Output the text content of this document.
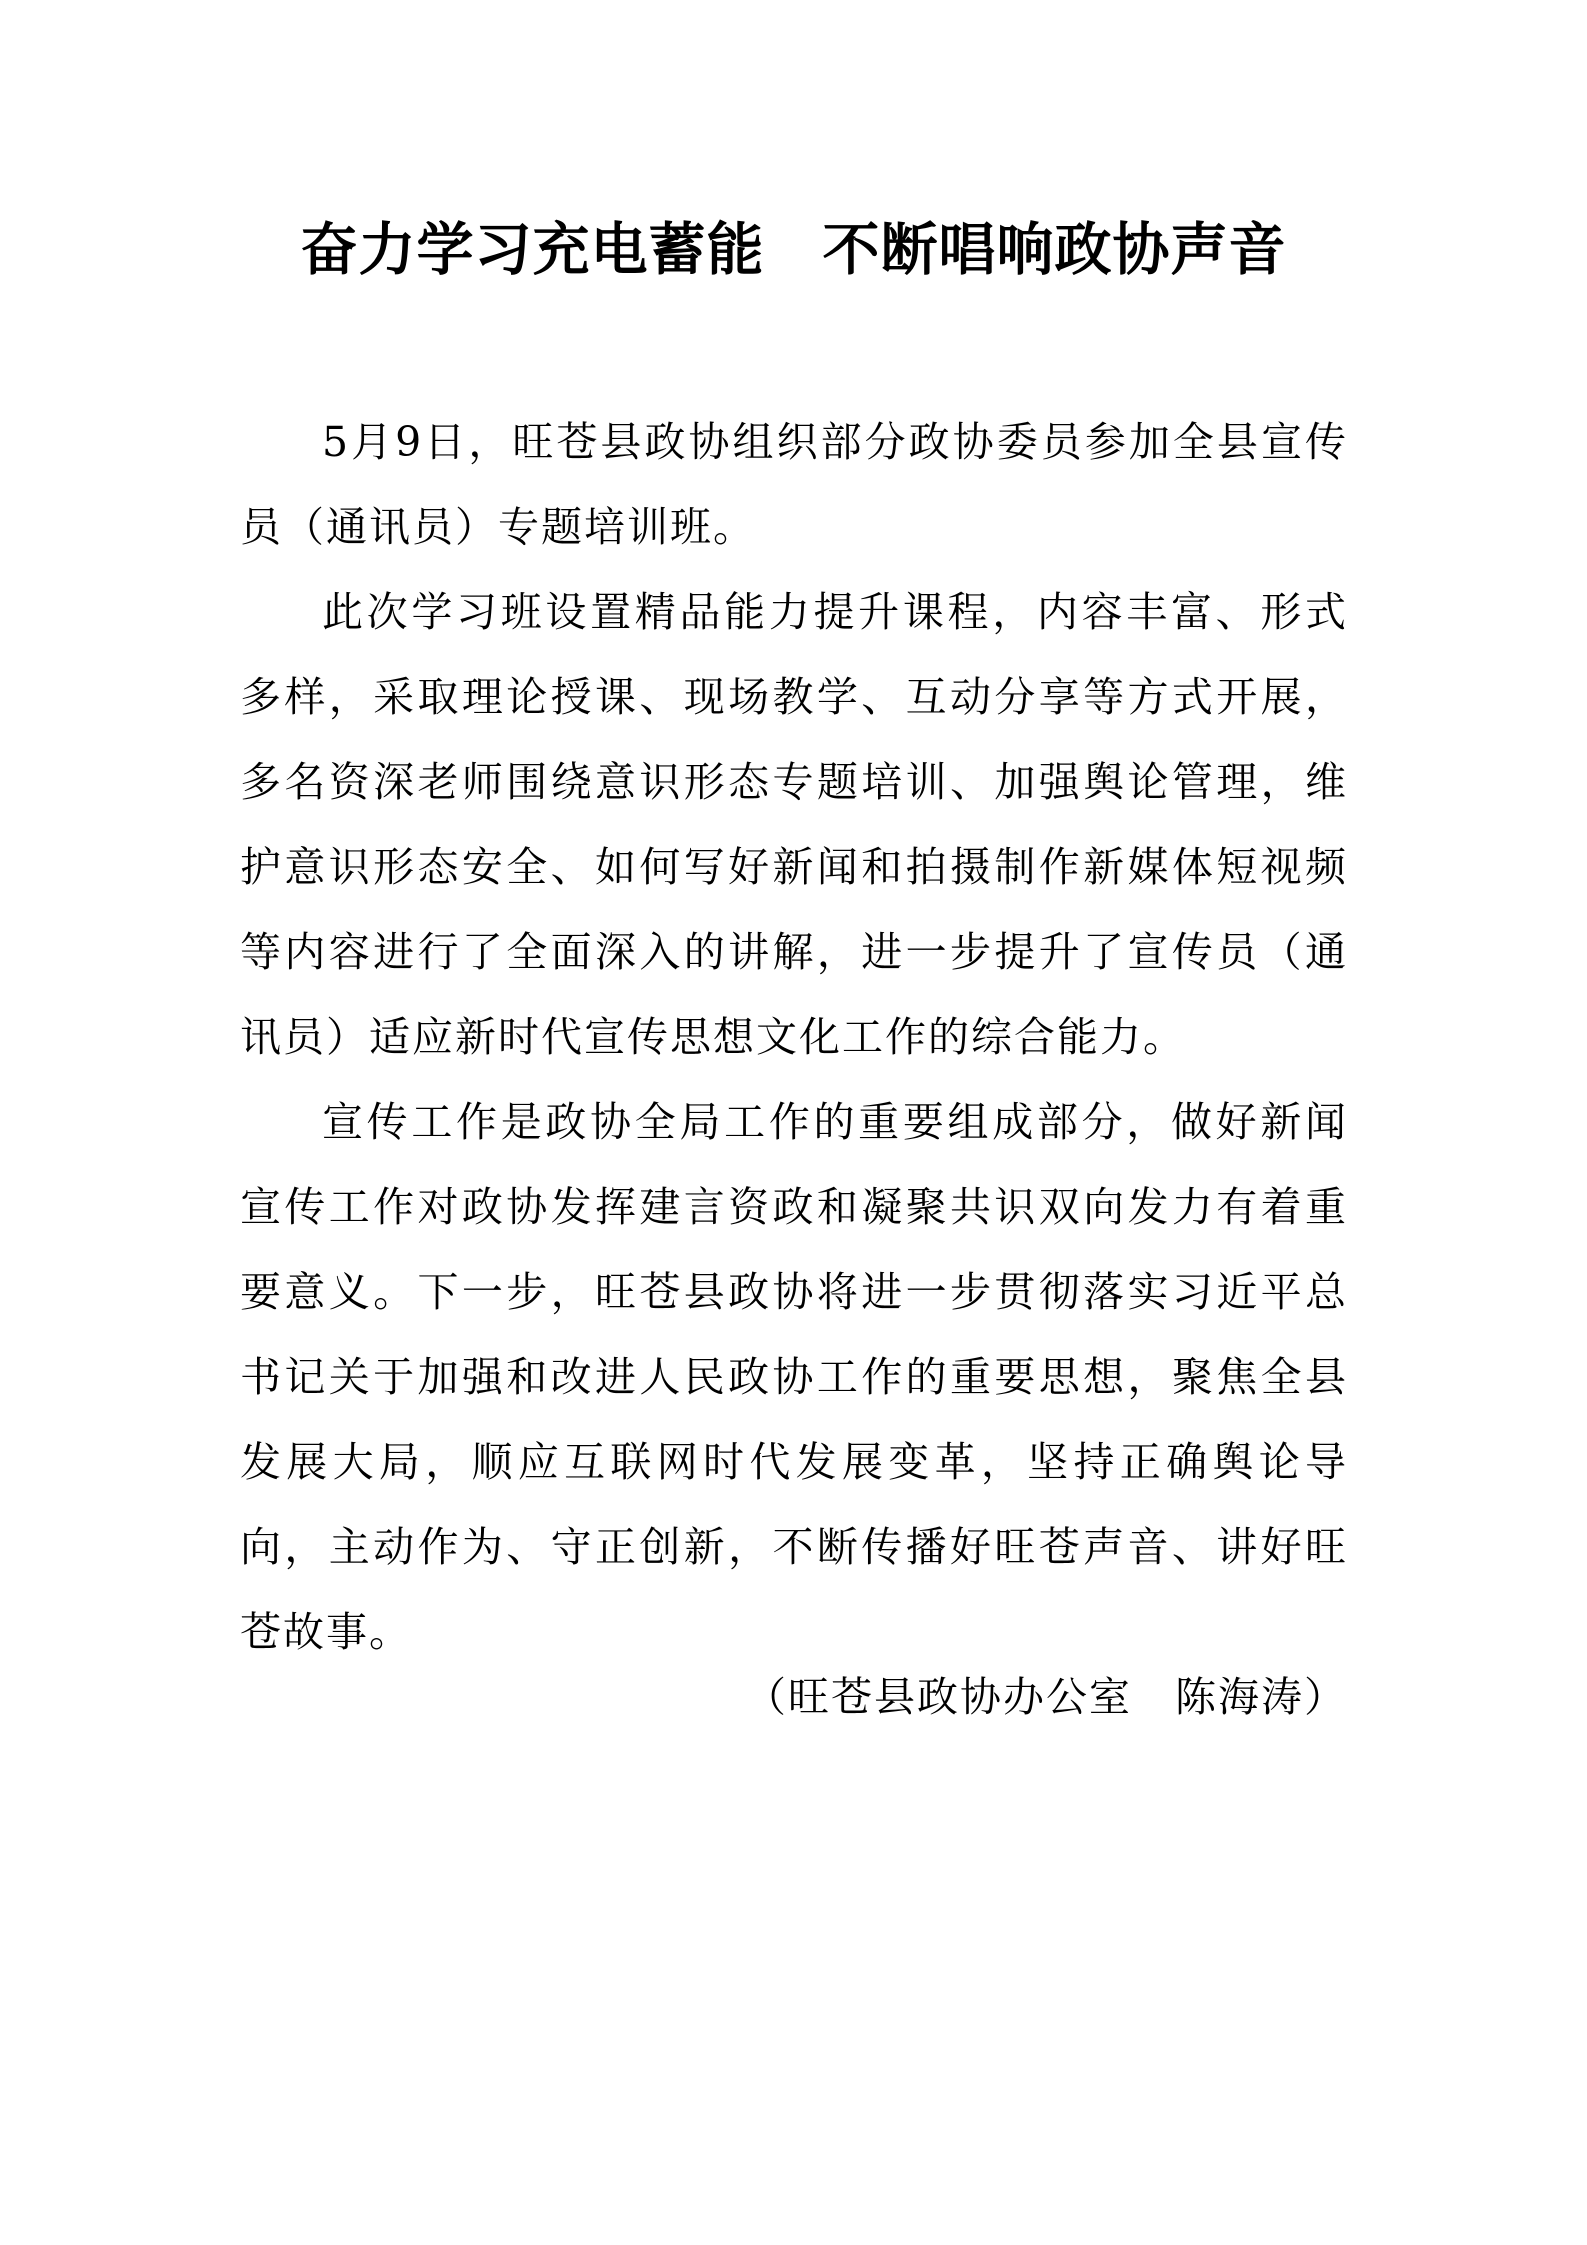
奋力学习充电蓄能　不断唱响政协声音

5月9日，旺苍县政协组织部分政协委员参加全县宣传员（通讯员）专题培训班。

此次学习班设置精品能力提升课程，内容丰富、形式多样，采取理论授课、现场教学、互动分享等方式开展，多名资深老师围绕意识形态专题培训、加强舆论管理，维护意识形态安全、如何写好新闻和拍摄制作新媒体短视频等内容进行了全面深入的讲解，进一步提升了宣传员（通讯员）适应新时代宣传思想文化工作的综合能力。

宣传工作是政协全局工作的重要组成部分，做好新闻宣传工作对政协发挥建言资政和凝聚共识双向发力有着重要意义。下一步，旺苍县政协将进一步贯彻落实习近平总书记关于加强和改进人民政协工作的重要思想，聚焦全县发展大局，顺应互联网时代发展变革，坚持正确舆论导向，主动作为、守正创新，不断传播好旺苍声音、讲好旺苍故事。

（旺苍县政协办公室　陈海涛）
